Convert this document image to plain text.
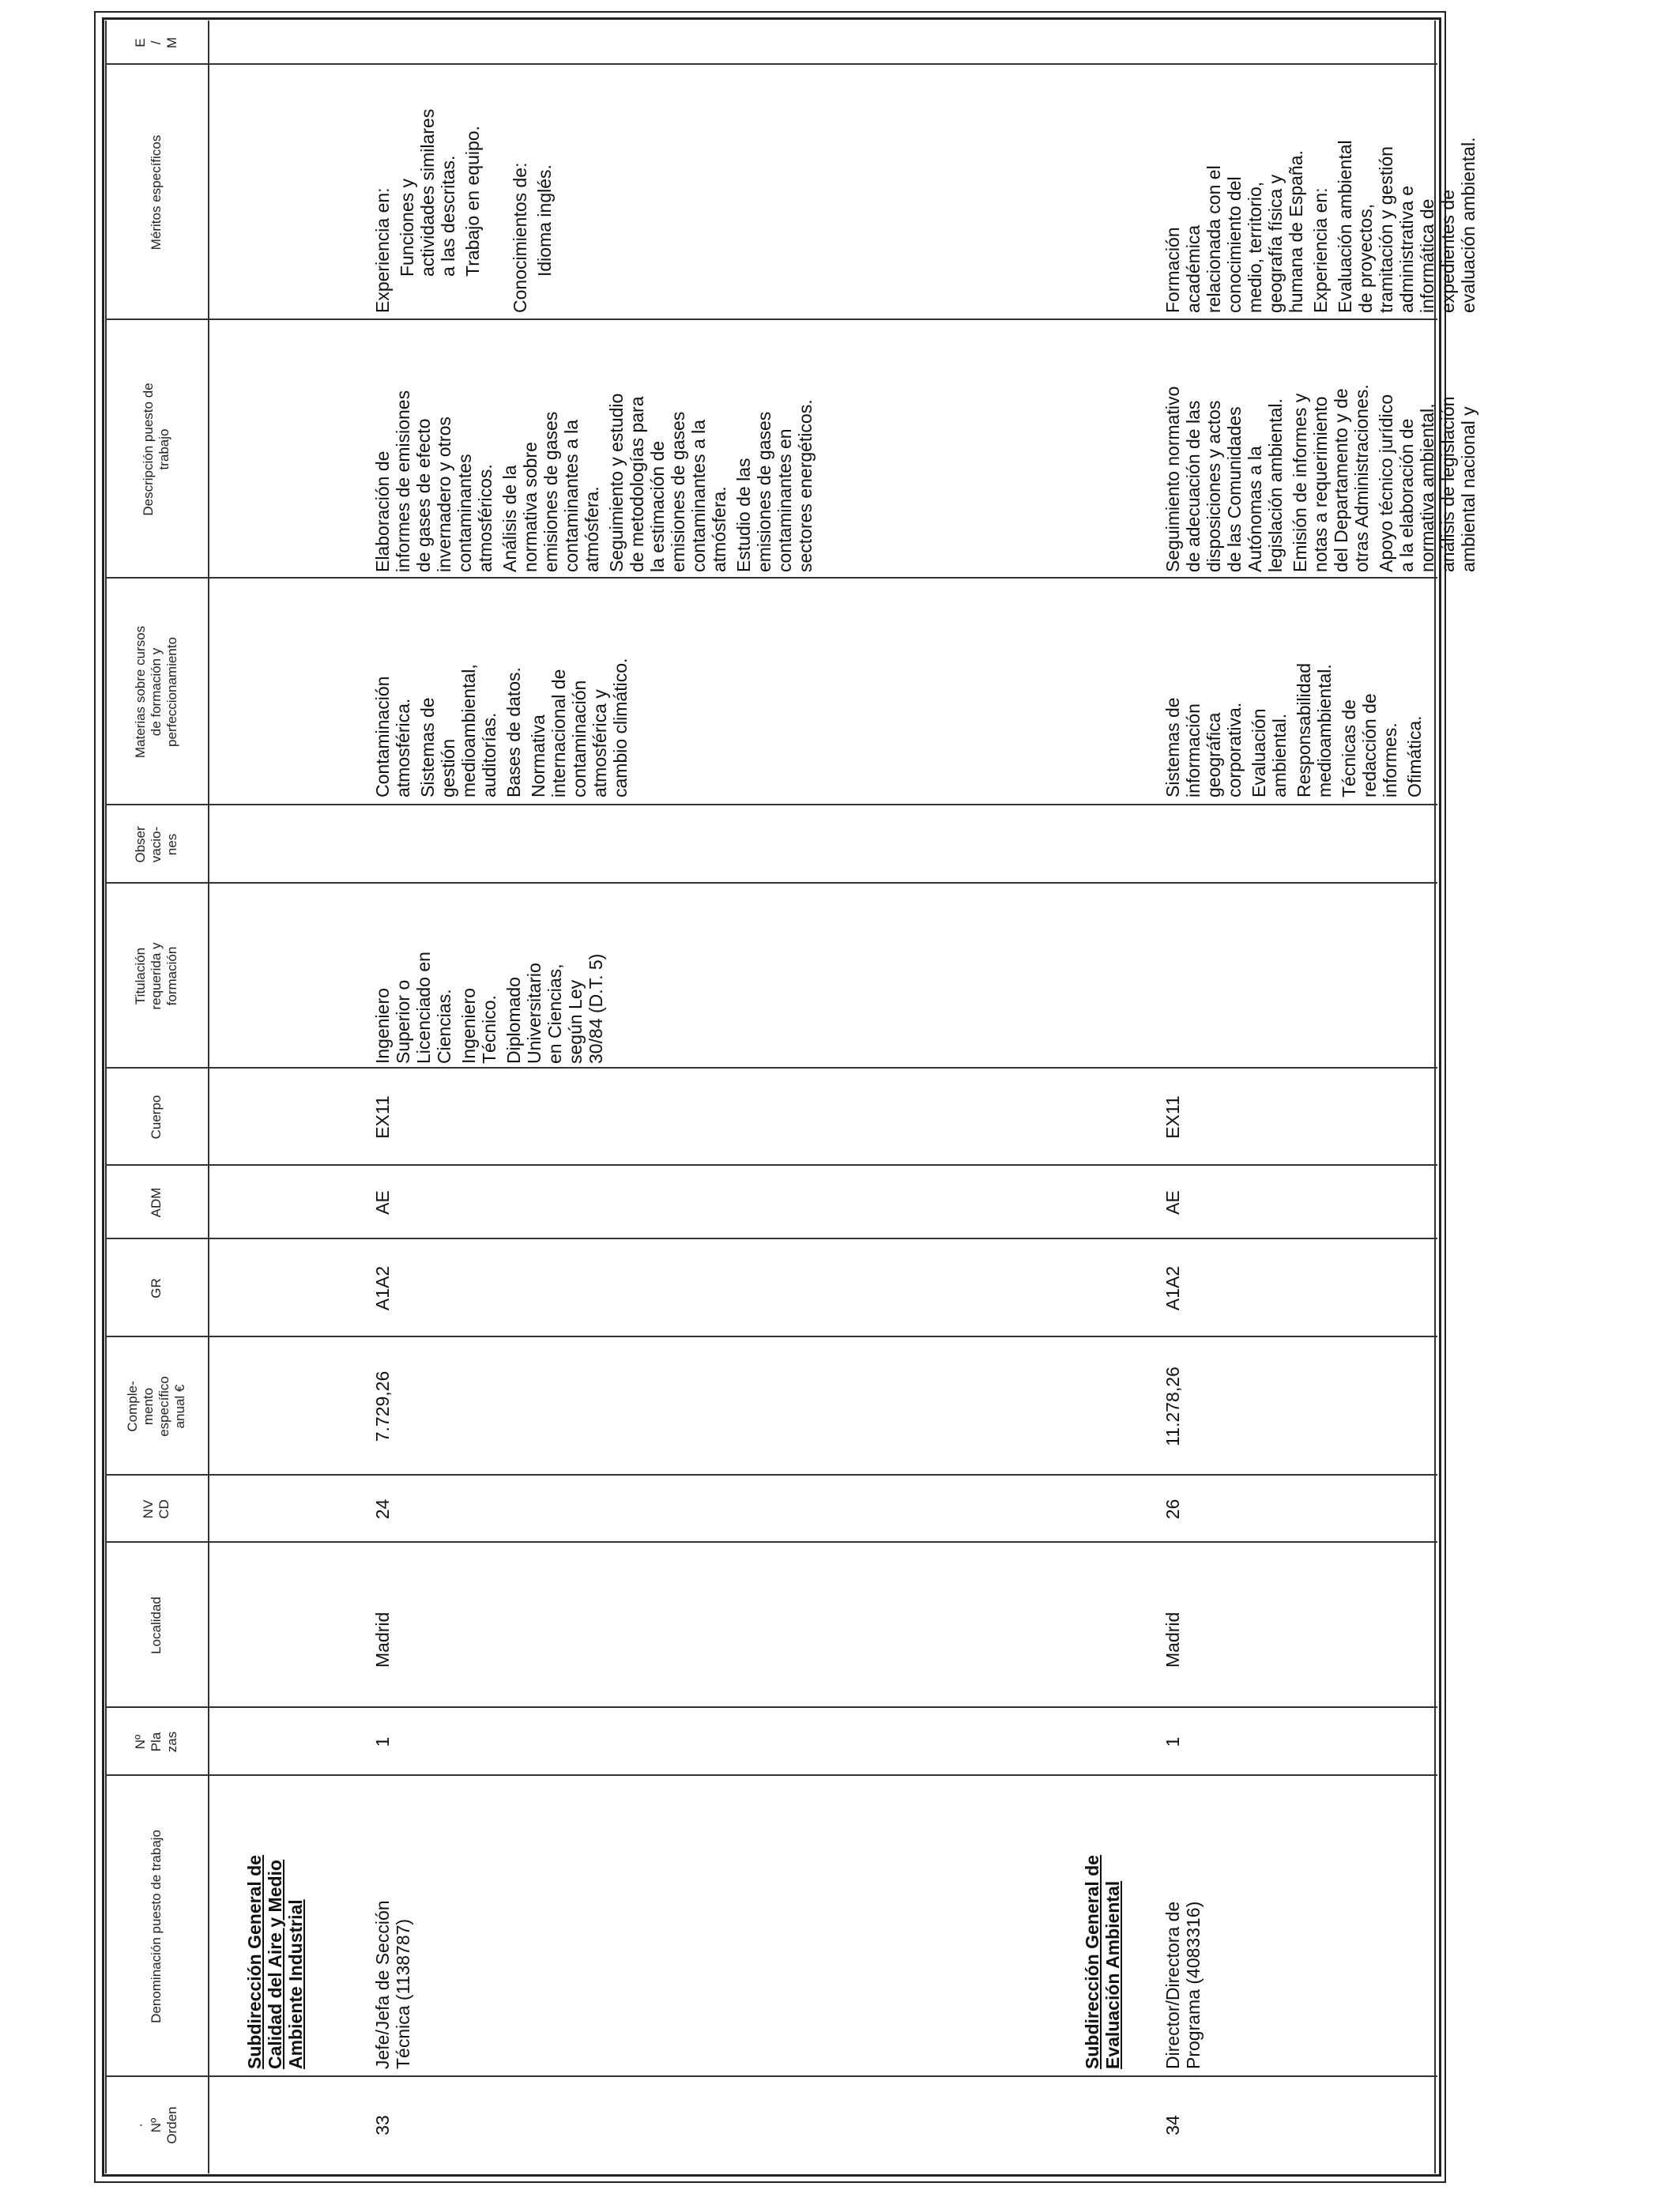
·
Nº
Orden
Denominación puesto de trabajo
Nº
Pla
zas
Localidad
NV
CD
Comple-
mento
específico
anual €
GR
ADM
Cuerpo
Titulación
requerida y
formación
Obser
vacio-
nes
Materias sobre cursos
de formación y
perfeccionamiento
Descripción puesto de
trabajo
Méritos específicos
E
/
M
Subdirección General de
Calidad del Aire y Medio
Ambiente Industrial
33
Jefe/Jefa de Sección
Técnica (1138787)
1
Madrid
24
7.729,26
A1A2
AE
EX11

Ingeniero
Superior o
Licenciado en
Ciencias. Ingeniero
Técnico. Diplomado
Universitario
en Ciencias,
según Ley
30/84 (D.T. 5)

Contaminación
atmosférica. Sistemas de
gestión
medioambiental,
auditorías. Bases de datos. Normativa
internacional de
contaminación
atmosférica y
cambio climático.

Elaboración de
informes de emisiones
de gases de efecto
invernadero y otros
contaminantes
atmosféricos. Análisis de la
normativa sobre
emisiones de gases
contaminantes a la
atmósfera. Seguimiento y estudio
de metodologías para
la estimación de
emisiones de gases
contaminantes a la
atmósfera. Estudio de las
emisiones de gases
contaminantes en
sectores energéticos.

Experiencia en: Funciones y
actividades similares
a las descritas. Trabajo en equipo. Conocimientos de: Idioma inglés.

Subdirección General de
Evaluación Ambiental
34
Director/Directora de
Programa (4083316)
1
Madrid
26
11.278,26
A1A2
AE
EX11

Sistemas de
información
geográfica
corporativa. Evaluación
ambiental. Responsabilidad
medioambiental. Técnicas de
redacción de
informes. Ofimática.

Seguimiento normativo
de adecuación de las
disposiciones y actos
de las Comunidades
Autónomas a la
legislación ambiental.

Emisión de informes y
notas a requerimiento
del Departamento y de
otras Administraciones.

Apoyo técnico jurídico
a la elaboración de
normativa ambiental,
análisis de legislación
ambiental nacional y

Formación
académica
relacionada con el
conocimiento del
medio, territorio,
geografía física y
humana de España.

Experiencia en: Evaluación ambiental
de proyectos,
tramitación y gestión
administrativa e
informática de
expedientes de
evaluación ambiental.
